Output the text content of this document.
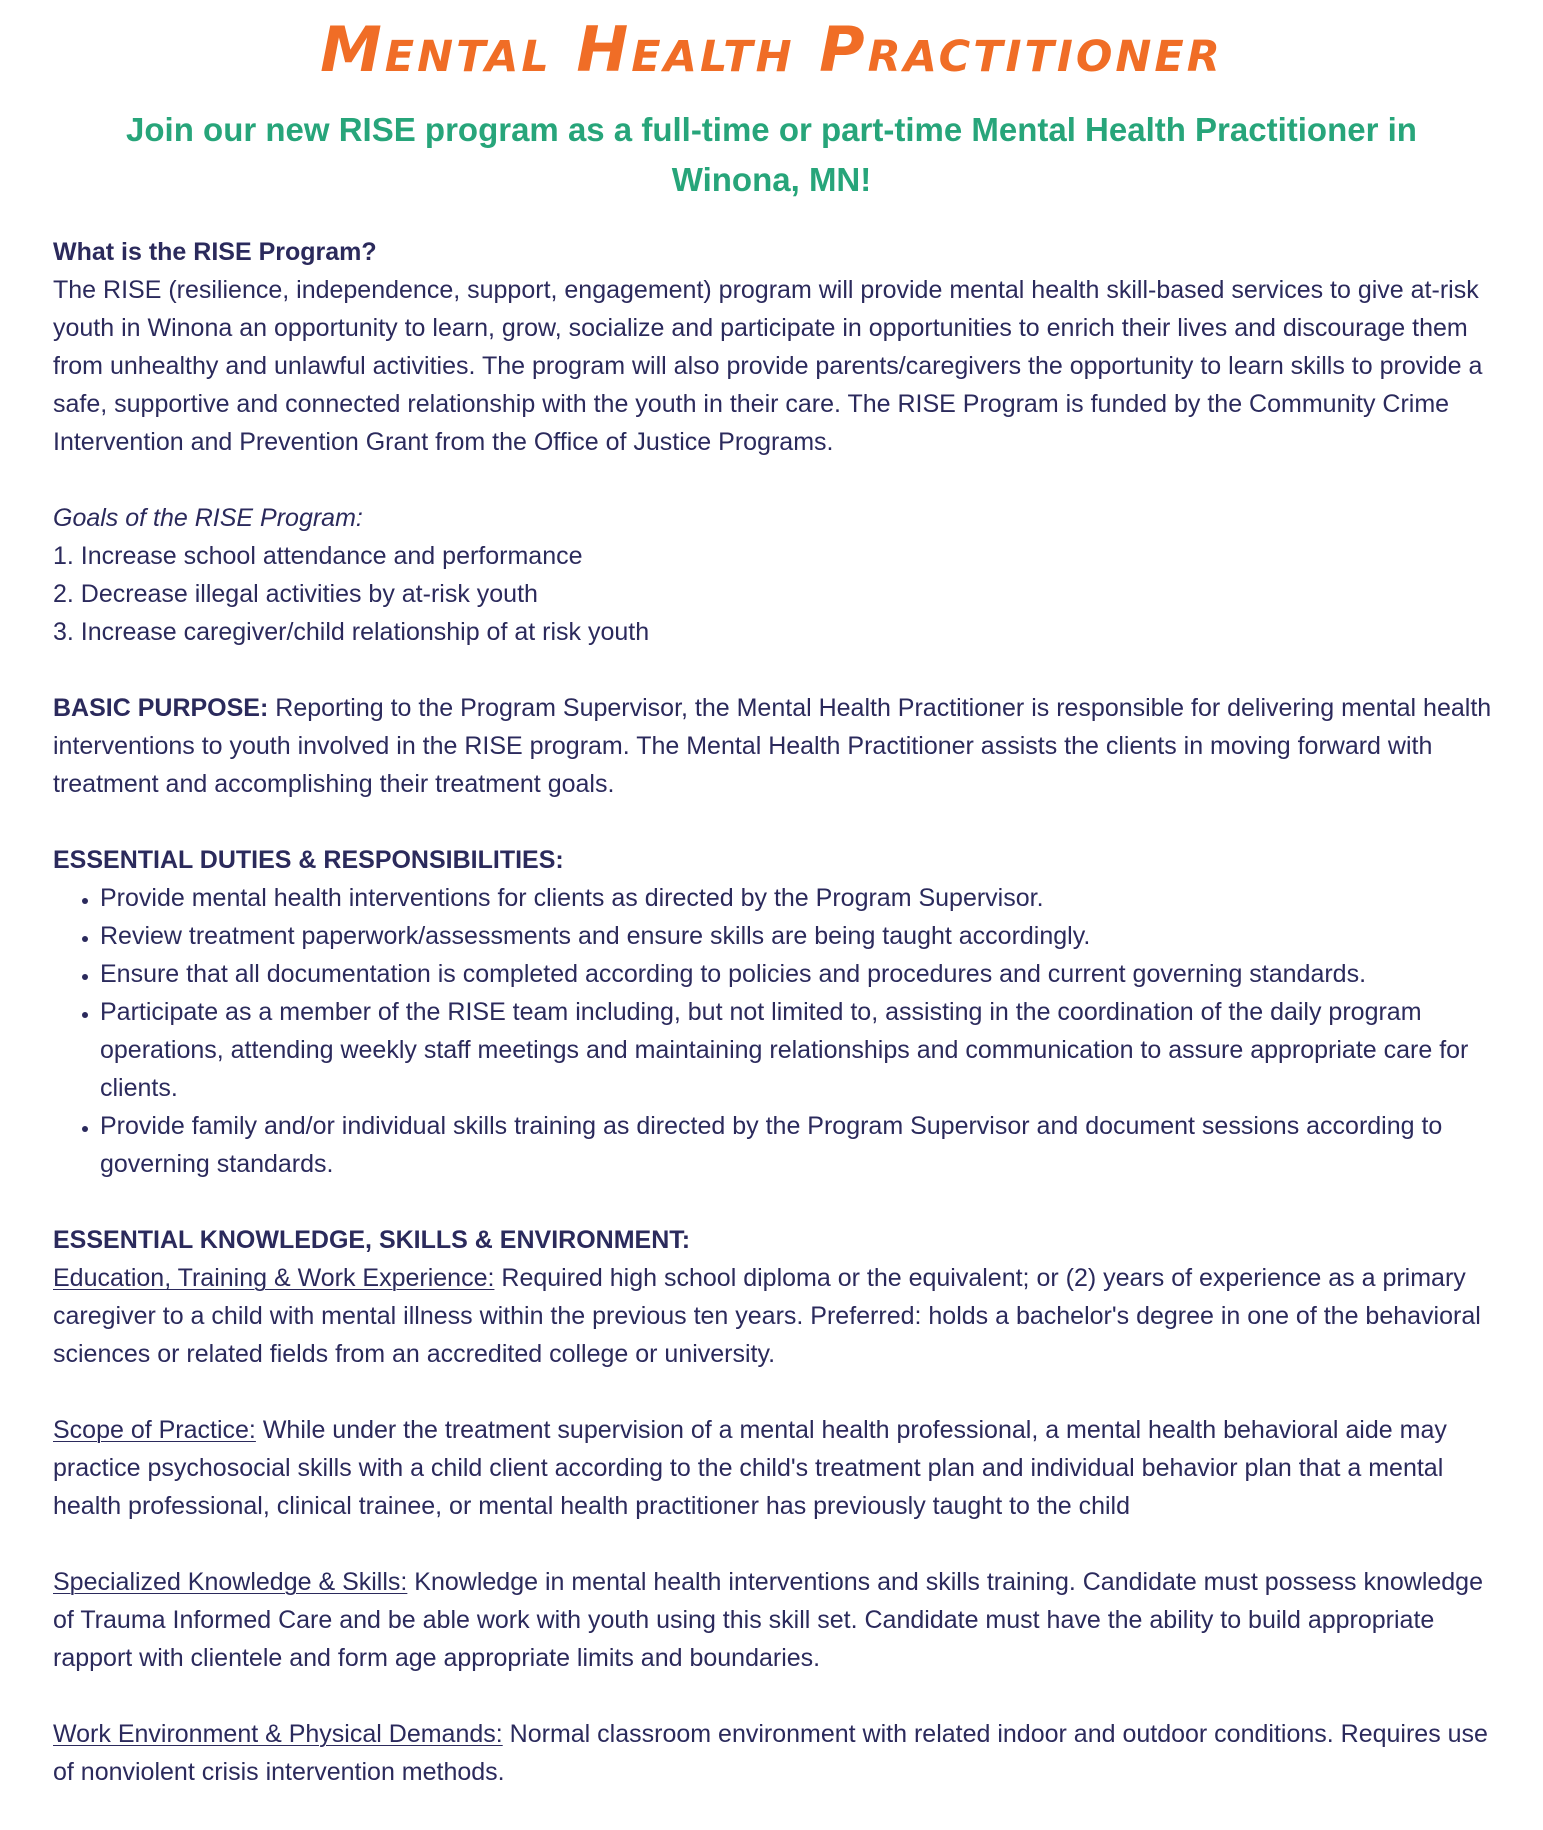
Mental Health Practitioner
Join our new RISE program as a full-time or part-time Mental Health Practitioner in Winona, MN!

What is the RISE Program?

The RISE (resilience, independence, support, engagement) program will provide mental health skill-based services to give at-risk youth in Winona an opportunity to learn, grow, socialize and participate in opportunities to enrich their lives and discourage them from unhealthy and unlawful activities. The program will also provide parents/caregivers the opportunity to learn skills to provide a safe, supportive and connected relationship with the youth in their care. The RISE Program is funded by the Community Crime Intervention and Prevention Grant from the Office of Justice Programs.

Goals of the RISE Program:

1. Increase school attendance and performance

2. Decrease illegal activities by at-risk youth

3. Increase caregiver/child relationship of at risk youth

BASIC PURPOSE: Reporting to the Program Supervisor, the Mental Health Practitioner is responsible for delivering mental health interventions to youth involved in the RISE program. The Mental Health Practitioner assists the clients in moving forward with treatment and accomplishing their treatment goals.

ESSENTIAL DUTIES & RESPONSIBILITIES:

• Provide mental health interventions for clients as directed by the Program Supervisor.
• Review treatment paperwork/assessments and ensure skills are being taught accordingly.
• Ensure that all documentation is completed according to policies and procedures and current governing standards.
• Participate as a member of the RISE team including, but not limited to, assisting in the coordination of the daily program operations, attending weekly staff meetings and maintaining relationships and communication to assure appropriate care for clients.
• Provide family and/or individual skills training as directed by the Program Supervisor and document sessions according to governing standards.

ESSENTIAL KNOWLEDGE, SKILLS & ENVIRONMENT:

Education, Training & Work Experience: Required high school diploma or the equivalent; or (2) years of experience as a primary caregiver to a child with mental illness within the previous ten years. Preferred: holds a bachelor's degree in one of the behavioral sciences or related fields from an accredited college or university.

Scope of Practice: While under the treatment supervision of a mental health professional, a mental health behavioral aide may practice psychosocial skills with a child client according to the child's treatment plan and individual behavior plan that a mental health professional, clinical trainee, or mental health practitioner has previously taught to the child

Specialized Knowledge & Skills: Knowledge in mental health interventions and skills training. Candidate must possess knowledge of Trauma Informed Care and be able work with youth using this skill set. Candidate must have the ability to build appropriate rapport with clientele and form age appropriate limits and boundaries.

Work Environment & Physical Demands: Normal classroom environment with related indoor and outdoor conditions. Requires use of nonviolent crisis intervention methods.
